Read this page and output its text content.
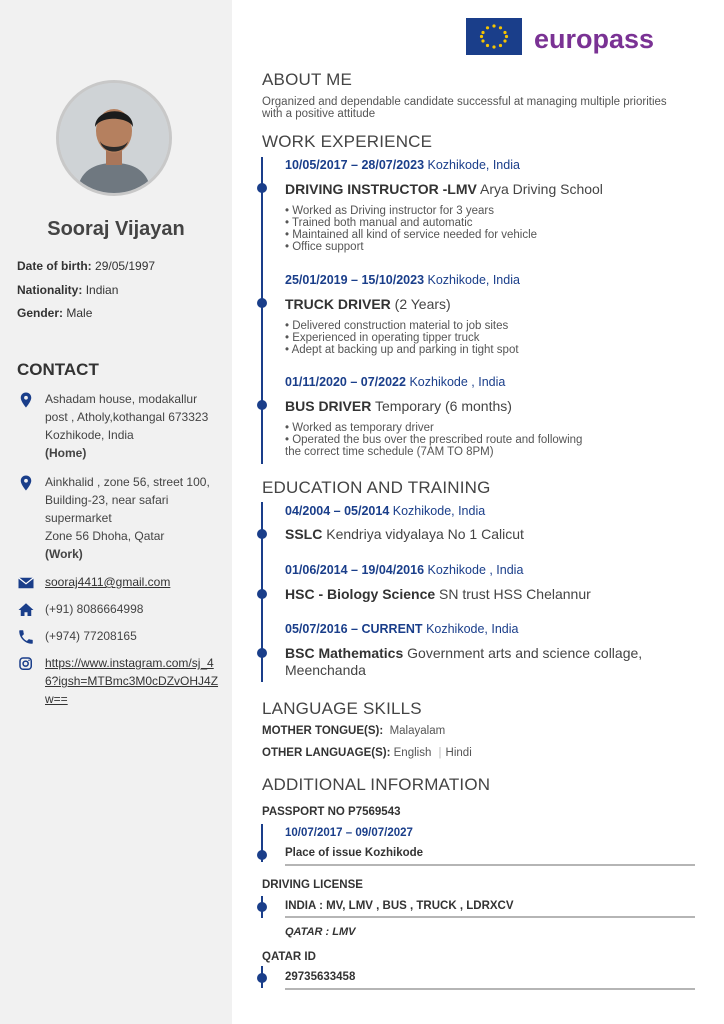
Sooraj Vijayan
Date of birth: 29/05/1997
Nationality: Indian
Gender: Male
CONTACT
Ashadam house, modakallur post , Atholy,kothangal 673323 Kozhikode, India
(Home)
Ainkhalid , zone 56, street 100, Building-23, near safari supermarket
Zone 56 Dhoha, Qatar
(Work)
sooraj4411@gmail.com
(+91) 8086664998
(+974) 77208165
https://www.instagram.com/sj_46?igsh=MTBmc3M0cDZvOHJ4Zw==
europass
ABOUT ME
Organized and dependable candidate successful at managing multiple priorities with a positive attitude
WORK EXPERIENCE
10/05/2017 – 28/07/2023 Kozhikode, India
DRIVING INSTRUCTOR -LMV Arya Driving School
• Worked as Driving instructor for 3 years
• Trained both manual and automatic
• Maintained all kind of service needed for vehicle
• Office support
25/01/2019 – 15/10/2023 Kozhikode, India
TRUCK DRIVER (2 Years)
• Delivered construction material to job sites
• Experienced in operating tipper truck
• Adept at backing up and parking in tight spot
01/11/2020 – 07/2022 Kozhikode , India
BUS DRIVER Temporary (6 months)
• Worked as temporary driver
• Operated the bus over the prescribed route and following
the correct time schedule (7AM TO 8PM)
EDUCATION AND TRAINING
04/2004 – 05/2014 Kozhikode, India
SSLC Kendriya vidyalaya No 1 Calicut
01/06/2014 – 19/04/2016 Kozhikode , India
HSC - Biology Science SN trust HSS Chelannur
05/07/2016 – CURRENT Kozhikode, India
BSC Mathematics Government arts and science collage,
Meenchanda
LANGUAGE SKILLS
MOTHER TONGUE(S): Malayalam
OTHER LANGUAGE(S): English | Hindi
ADDITIONAL INFORMATION
PASSPORT NO P7569543
10/07/2017 – 09/07/2027
Place of issue Kozhikode
DRIVING LICENSE
INDIA : MV, LMV , BUS , TRUCK , LDRXCV
QATAR : LMV
QATAR ID
29735633458
